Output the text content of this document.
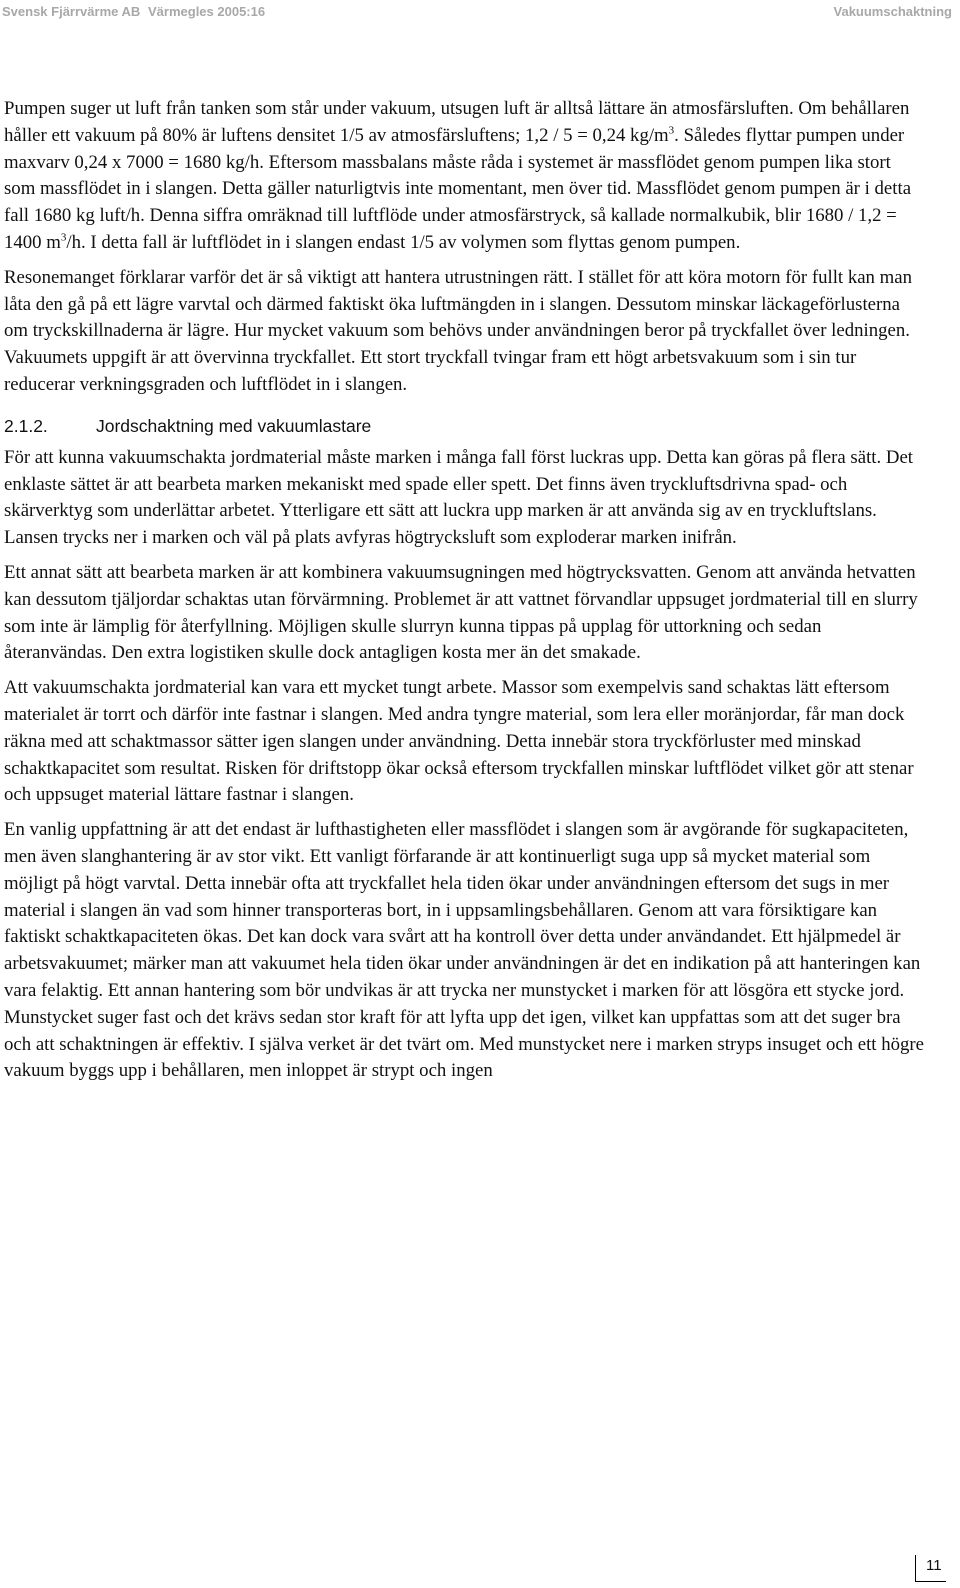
Svensk Fjärrvärme AB Värmegles 2005:16	Vakuumschaktning

Pumpen suger ut luft från tanken som står under vakuum, utsugen luft är alltså lättare än atmosfärsluften. Om behållaren håller ett vakuum på 80% är luftens densitet 1/5 av atmosfärsluftens; 1,2 / 5 = 0,24 $kg/m^3$. Således flyttar pumpen under maxvarv 0,24 x 7000 = 1680 kg/h. Eftersom massbalans måste råda i systemet är massflödet genom pumpen lika stort som massflödet in i slangen. Detta gäller naturligtvis inte momentant, men över tid. Massflödet genom pumpen är i detta fall 1680 kg luft/h. Denna siffra omräknad till luftflöde under atmosfärstryck, så kallade normalkubik, blir 1680 / 1,2 = 1400 $m^3/h$. I detta fall är luftflödet in i slangen endast 1/5 av volymen som flyttas genom pumpen.

Resonemanget förklarar varför det är så viktigt att hantera utrustningen rätt. I stället för att köra motorn för fullt kan man låta den gå på ett lägre varvtal och därmed faktiskt öka luftmängden in i slangen. Dessutom minskar läckageförlusterna om tryckskillnaderna är lägre. Hur mycket vakuum som behövs under användningen beror på tryckfallet över ledningen. Vakuumets uppgift är att övervinna tryckfallet. Ett stort tryckfall tvingar fram ett högt arbetsvakuum som i sin tur reducerar verkningsgraden och luftflödet in i slangen.

2.1.2.	Jordschaktning med vakuumlastare

För att kunna vakuumschakta jordmaterial måste marken i många fall först luckras upp. Detta kan göras på flera sätt. Det enklaste sättet är att bearbeta marken mekaniskt med spade eller spett. Det finns även tryckluftsdrivna spad- och skärverktyg som underlättar arbetet. Ytterligare ett sätt att luckra upp marken är att använda sig av en tryckluftslans. Lansen trycks ner i marken och väl på plats avfyras högtrycksluft som exploderar marken inifrån.

Ett annat sätt att bearbeta marken är att kombinera vakuumsugningen med högtrycksvatten. Genom att använda hetvatten kan dessutom tjäljordar schaktas utan förvärmning. Problemet är att vattnet förvandlar uppsuget jordmaterial till en slurry som inte är lämplig för återfyllning. Möjligen skulle slurryn kunna tippas på upplag för uttorkning och sedan återanvändas. Den extra logistiken skulle dock antagligen kosta mer än det smakade.

Att vakuumschakta jordmaterial kan vara ett mycket tungt arbete. Massor som exempelvis sand schaktas lätt eftersom materialet är torrt och därför inte fastnar i slangen. Med andra tyngre material, som lera eller moränjordar, får man dock räkna med att schaktmassor sätter igen slangen under användning. Detta innebär stora tryckförluster med minskad schaktkapacitet som resultat. Risken för driftstopp ökar också eftersom tryckfallen minskar luftflödet vilket gör att stenar och uppsuget material lättare fastnar i slangen.

En vanlig uppfattning är att det endast är lufthastigheten eller massflödet i slangen som är avgörande för sugkapaciteten, men även slanghantering är av stor vikt. Ett vanligt förfarande är att kontinuerligt suga upp så mycket material som möjligt på högt varvtal. Detta innebär ofta att tryckfallet hela tiden ökar under användningen eftersom det sugs in mer material i slangen än vad som hinner transporteras bort, in i uppsamlingsbehållaren. Genom att vara försiktigare kan faktiskt schaktkapaciteten ökas. Det kan dock vara svårt att ha kontroll över detta under användandet. Ett hjälpmedel är arbetsvakuumet; märker man att vakuumet hela tiden ökar under användningen är det en indikation på att hanteringen kan vara felaktig. Ett annan hantering som bör undvikas är att trycka ner munstycket i marken för att lösgöra ett stycke jord. Munstycket suger fast och det krävs sedan stor kraft för att lyfta upp det igen, vilket kan uppfattas som att det suger bra och att schaktningen är effektiv. I själva verket är det tvärt om. Med munstycket nere i marken stryps insuget och ett högre vakuum byggs upp i behållaren, men inloppet är strypt och ingen

11
